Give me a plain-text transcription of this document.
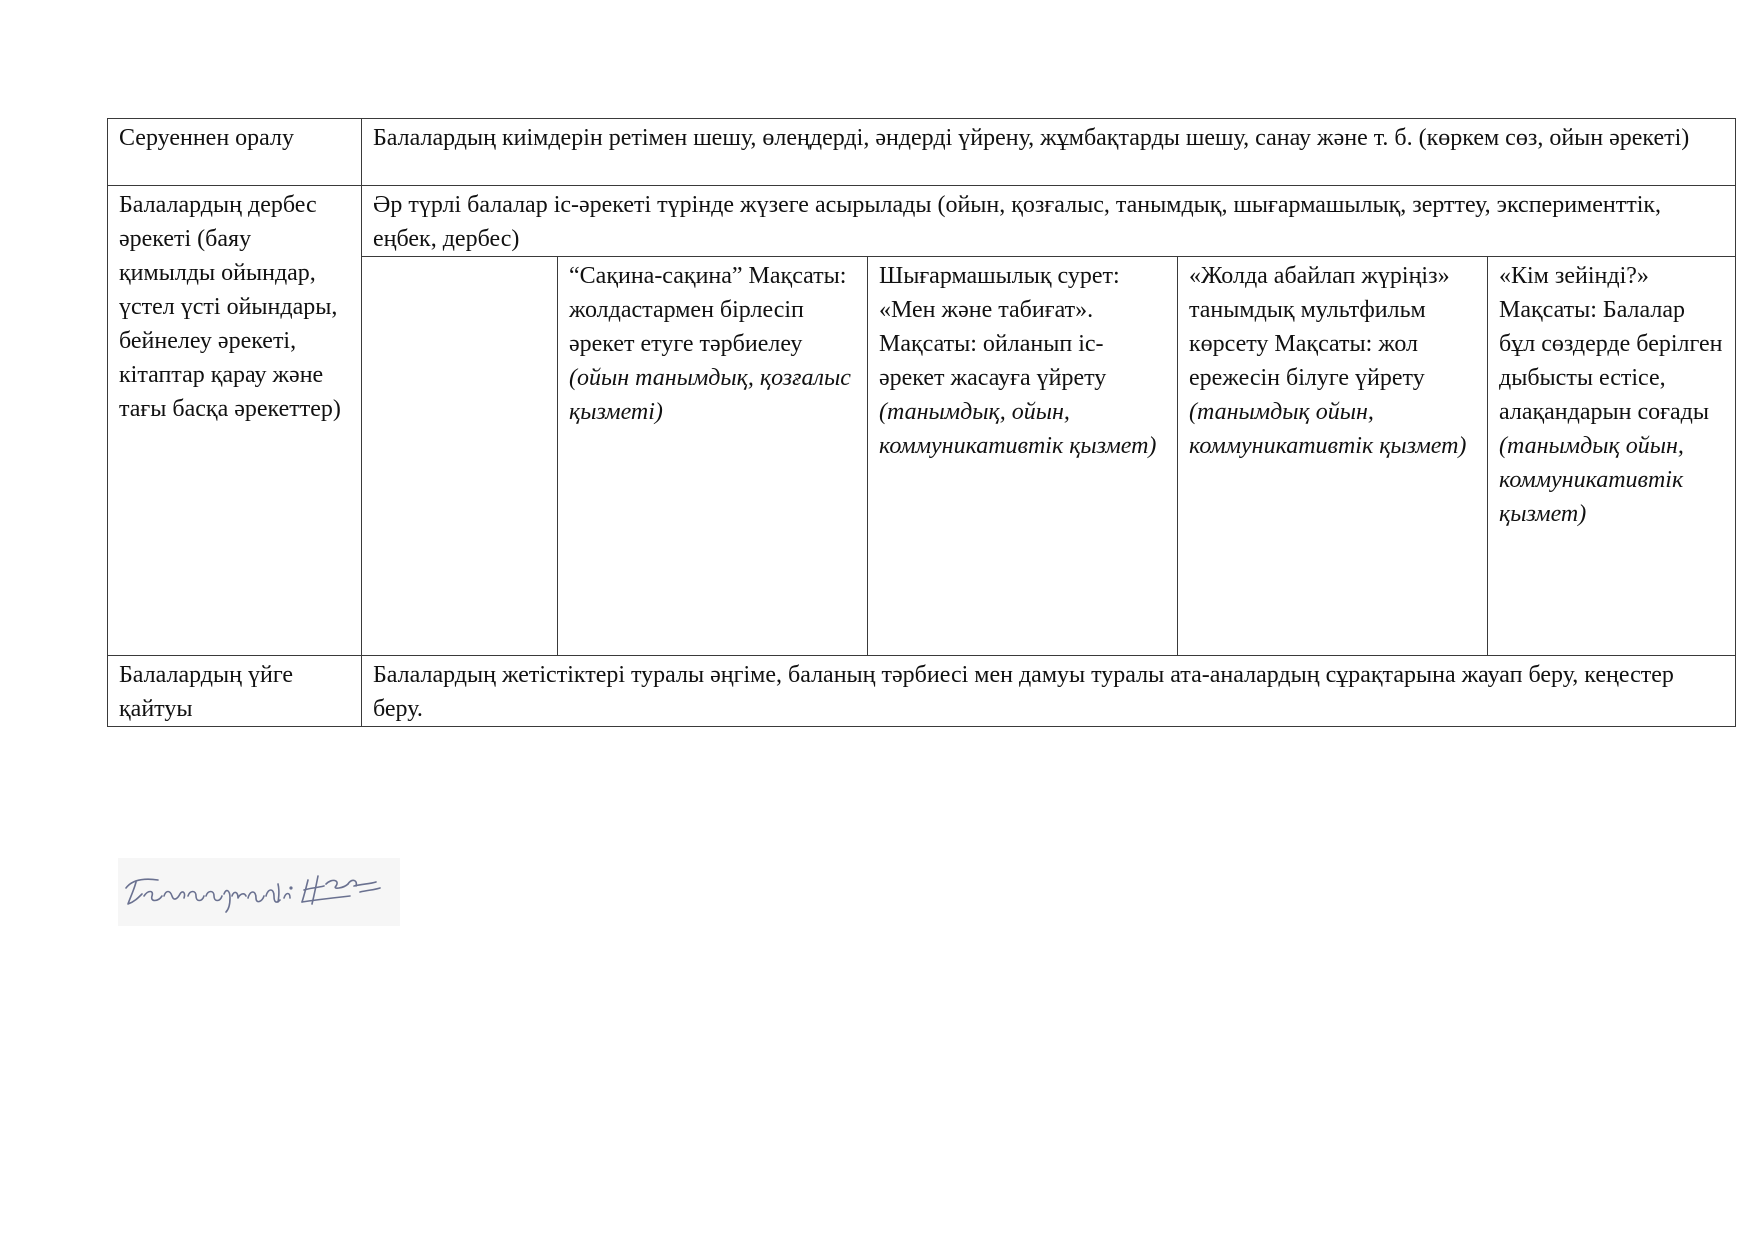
Серуеннен оралу	Балалардың киімдерін ретімен шешу, өлеңдерді, әндерді үйрену, жұмбақтарды шешу, санау және т. б. (көркем сөз, ойын әрекеті)				
Балалардың дербес әрекеті (баяу қимылды ойындар, үстел үсті ойындары, бейнелеу әрекеті, кітаптар қарау және тағы басқа әрекеттер)	Әр түрлі балалар іс-әрекеті түрінде жүзеге асырылады (ойын, қозғалыс, танымдық, шығармашылық, зерттеу, эксперименттік, еңбек, дербес)				
		“Сақина-сақина” Мақсаты: жолдастармен бірлесіп әрекет етуге тәрбиелеу (ойын танымдық, қозғалыс қызметі)	Шығармашылық сурет: «Мен және табиғат». Мақсаты: ойланып іс-әрекет жасауға үйрету (танымдық, ойын, коммуникативтік қызмет)	«Жолда абайлап жүріңіз» танымдық мультфильм көрсету Мақсаты: жол ережесін білуге үйрету (танымдық ойын, коммуникативтік қызмет)	«Кім зейінді?» Мақсаты: Балалар бұл сөздерде берілген дыбысты естісе, алақандарын соғады (танымдық ойын, коммуникативтік қызмет)
Балалардың үйге қайтуы	Балалардың жетістіктері туралы әңгіме, баланың тәрбиесі мен дамуы туралы ата-аналардың сұрақтарына жауап беру, кеңестер беру.				
